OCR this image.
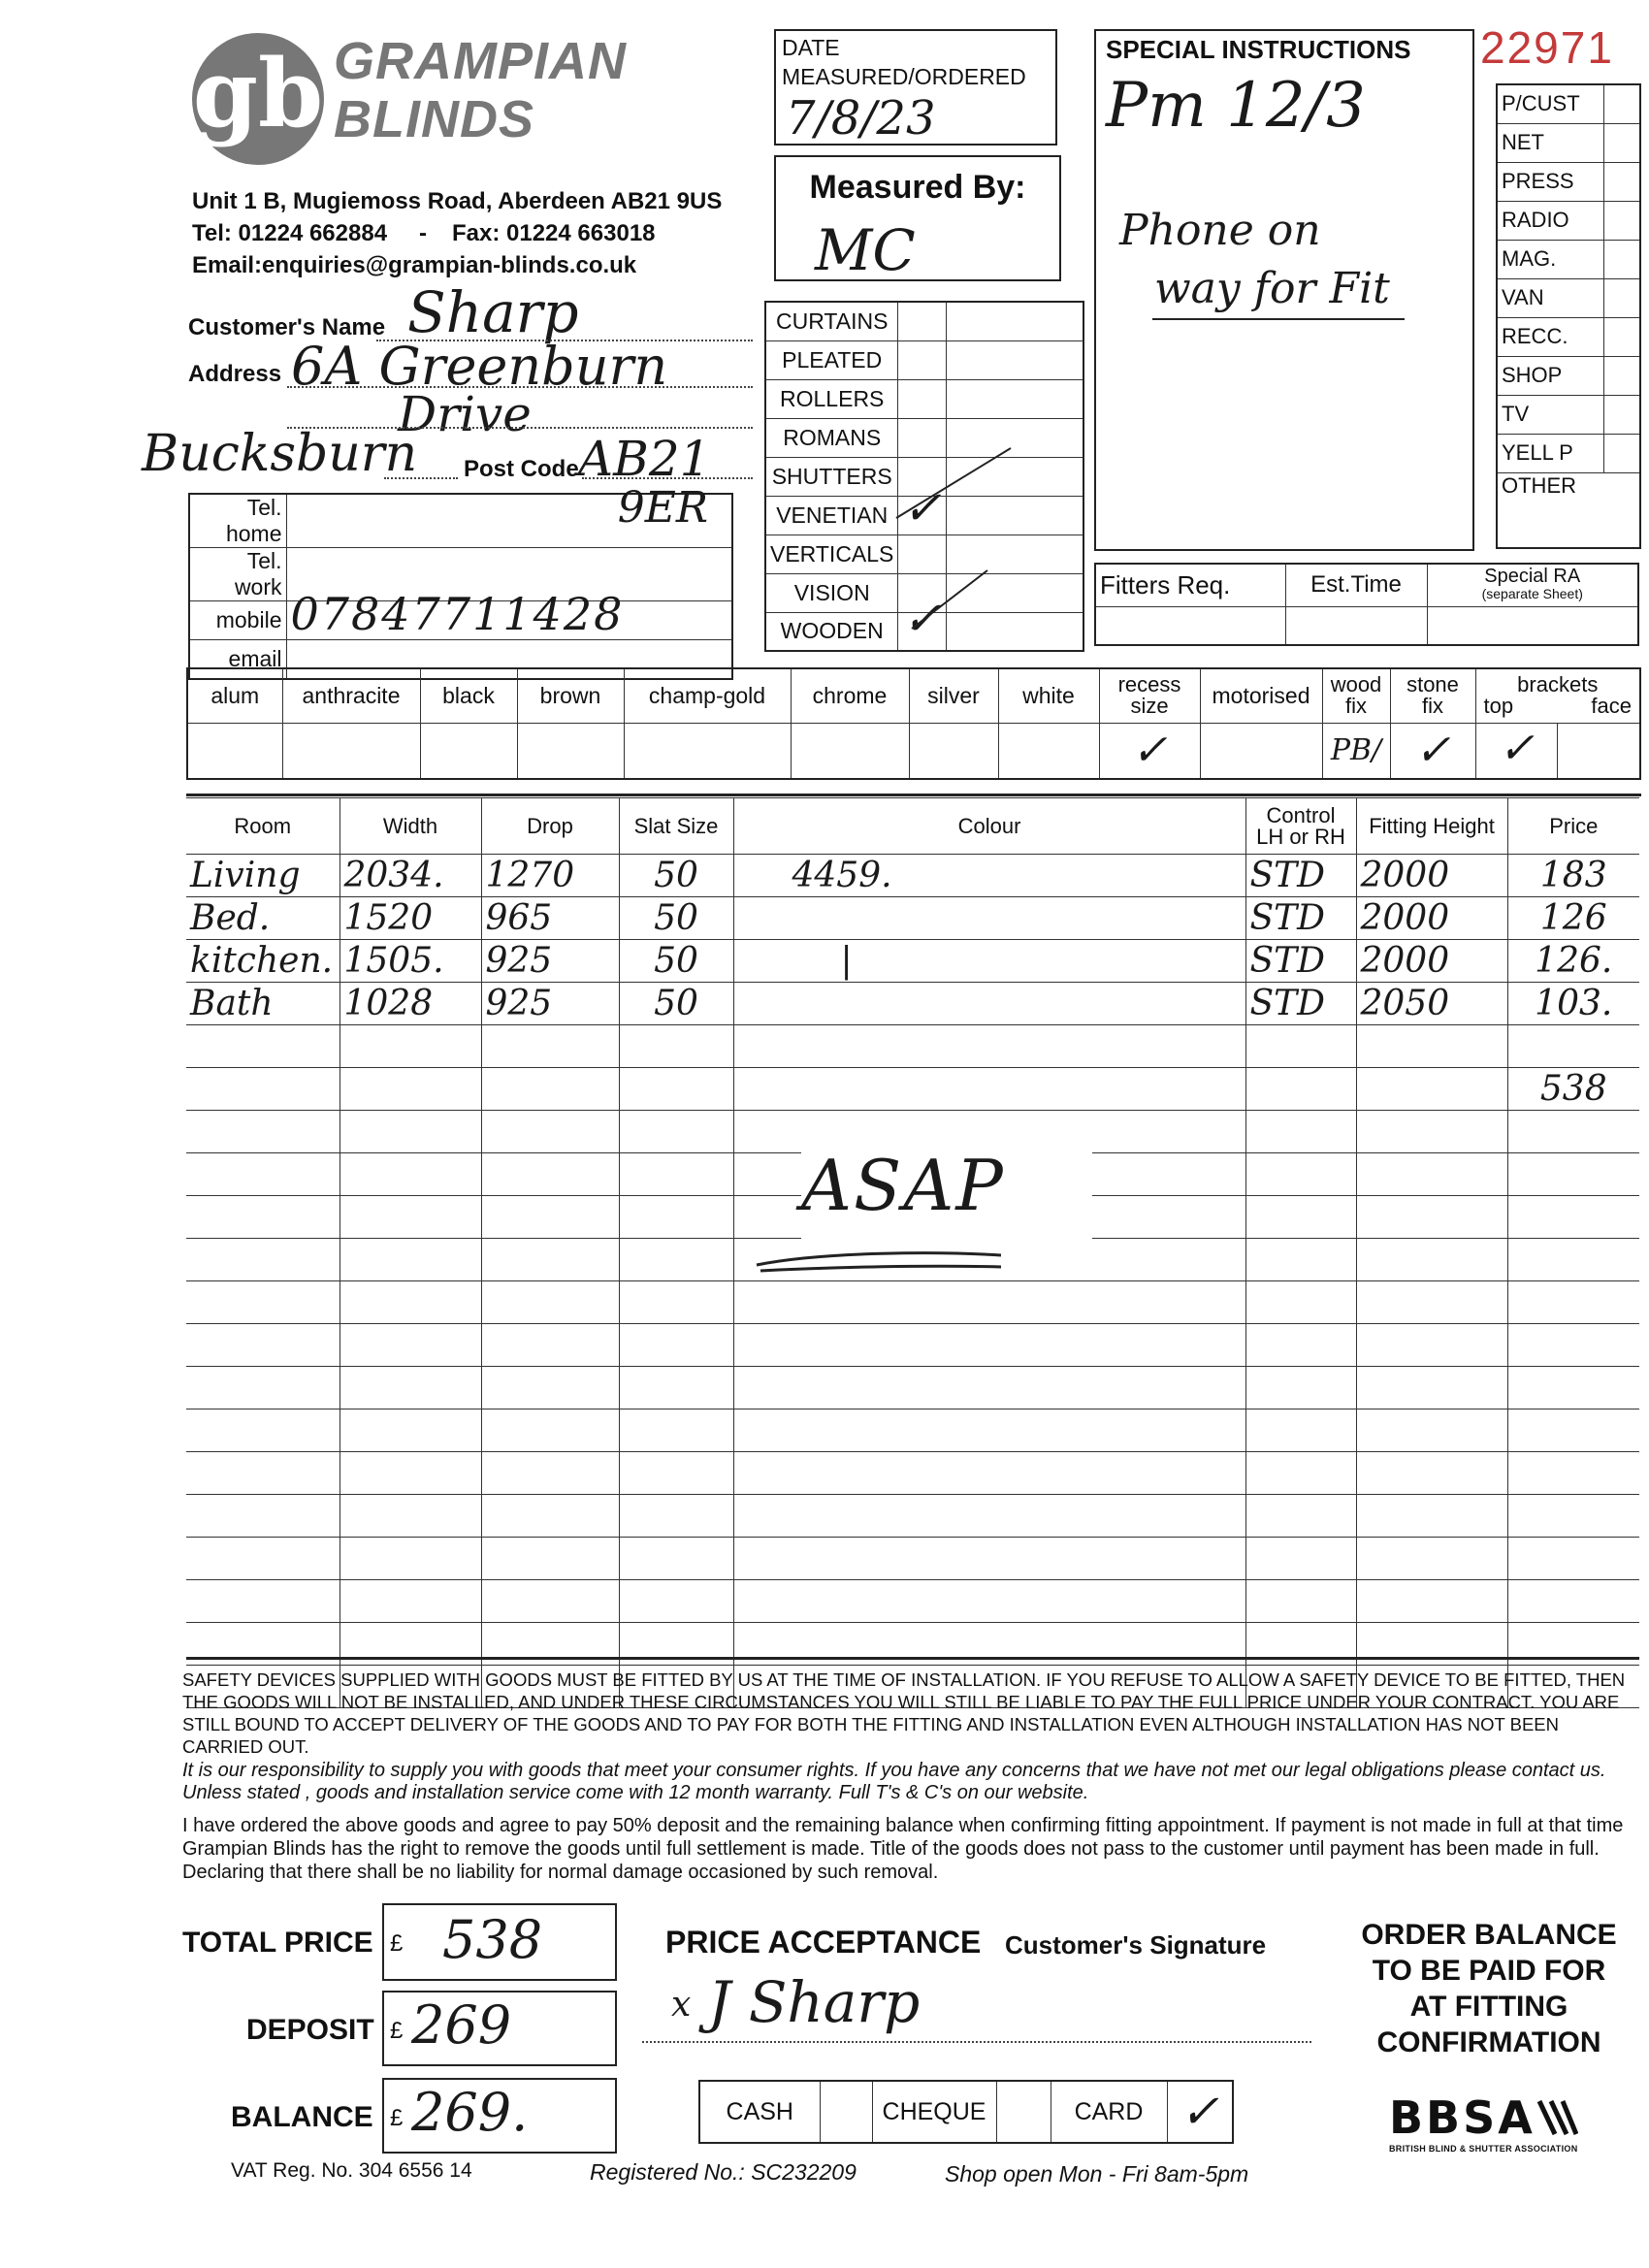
gb GRAMPIAN
BLINDS
Unit 1 B, Mugiemoss Road, Aberdeen AB21 9US
Tel: 01224 662884 - Fax: 01224 663018
Email:enquiries@grampian-blinds.co.uk
DATE
MEASURED/ORDERED
7/8/23
Measured By:
MC
SPECIAL INSTRUCTIONS
Pm 12/3
Phone on
way for Fit
22971
P/CUST	
NET	
PRESS	
RADIO	
MAG.	
VAN	
RECC.	
SHOP	
TV	
YELL P	
OTHER	
Customer's Name Sharp
Address 6A Greenburn
Drive
Bucksburn Post Code AB21
Tel. home	9ER

Tel. work	
mobile	07847711428

email	
CURTAINS		
PLEATED		
ROLLERS		
ROMANS		
SHUTTERS		
VENETIAN	✓	

VERTICALS		
VISION		
WOODEN	✓	

Fitters Req.	Est.Time	Special RA
(separate Sheet)

alum	anthracite	black	brown	champ-gold	chrome	silver	white	recess size	motorised	wood fix	stone fix	brackets
top face

								✓		PB/	✓	✓
Room	Width	Drop	Slat Size	Colour	Control LH or RH	Fitting Height	Price
Living	2034.	1270	50	4459.	STD	2000	183
Bed.	1520	965	50		STD	2000	126
kitchen.	1505.	925	50	|	STD	2000	126.
Bath	1028	925	50		STD	2050	103.

							538

ASAP
SAFETY DEVICES SUPPLIED WITH GOODS MUST BE FITTED BY US AT THE TIME OF INSTALLATION. IF YOU REFUSE TO ALLOW A SAFETY DEVICE TO BE FITTED, THEN THE GOODS WILL NOT BE INSTALLED, AND UNDER THESE CIRCUMSTANCES YOU WILL STILL BE LIABLE TO PAY THE FULL PRICE UNDER YOUR CONTRACT. YOU ARE STILL BOUND TO ACCEPT DELIVERY OF THE GOODS AND TO PAY FOR BOTH THE FITTING AND INSTALLATION EVEN ALTHOUGH INSTALLATION HAS NOT BEEN CARRIED OUT.
It is our responsibility to supply you with goods that meet your consumer rights. If you have any concerns that we have not met our legal obligations please contact us. Unless stated , goods and installation service come with 12 month warranty. Full T's & C's on our website.
I have ordered the above goods and agree to pay 50% deposit and the remaining balance when confirming fitting appointment. If payment is not made in full at that time Grampian Blinds has the right to remove the goods until full settlement is made. Title of the goods does not pass to the customer until payment has been made in full. Declaring that there shall be no liability for normal damage occasioned by such removal.
TOTAL PRICE £ 538
DEPOSIT £ 269
BALANCE £ 269.
PRICE ACCEPTANCE Customer's Signature
x J Sharp
CASH		CHEQUE		CARD	✓
ORDER BALANCE
TO BE PAID FOR
AT FITTING
CONFIRMATION
BBSA
BRITISH BLIND & SHUTTER ASSOCIATION
VAT Reg. No. 304 6556 14	Registered No.: SC232209	Shop open Mon - Fri 8am-5pm
